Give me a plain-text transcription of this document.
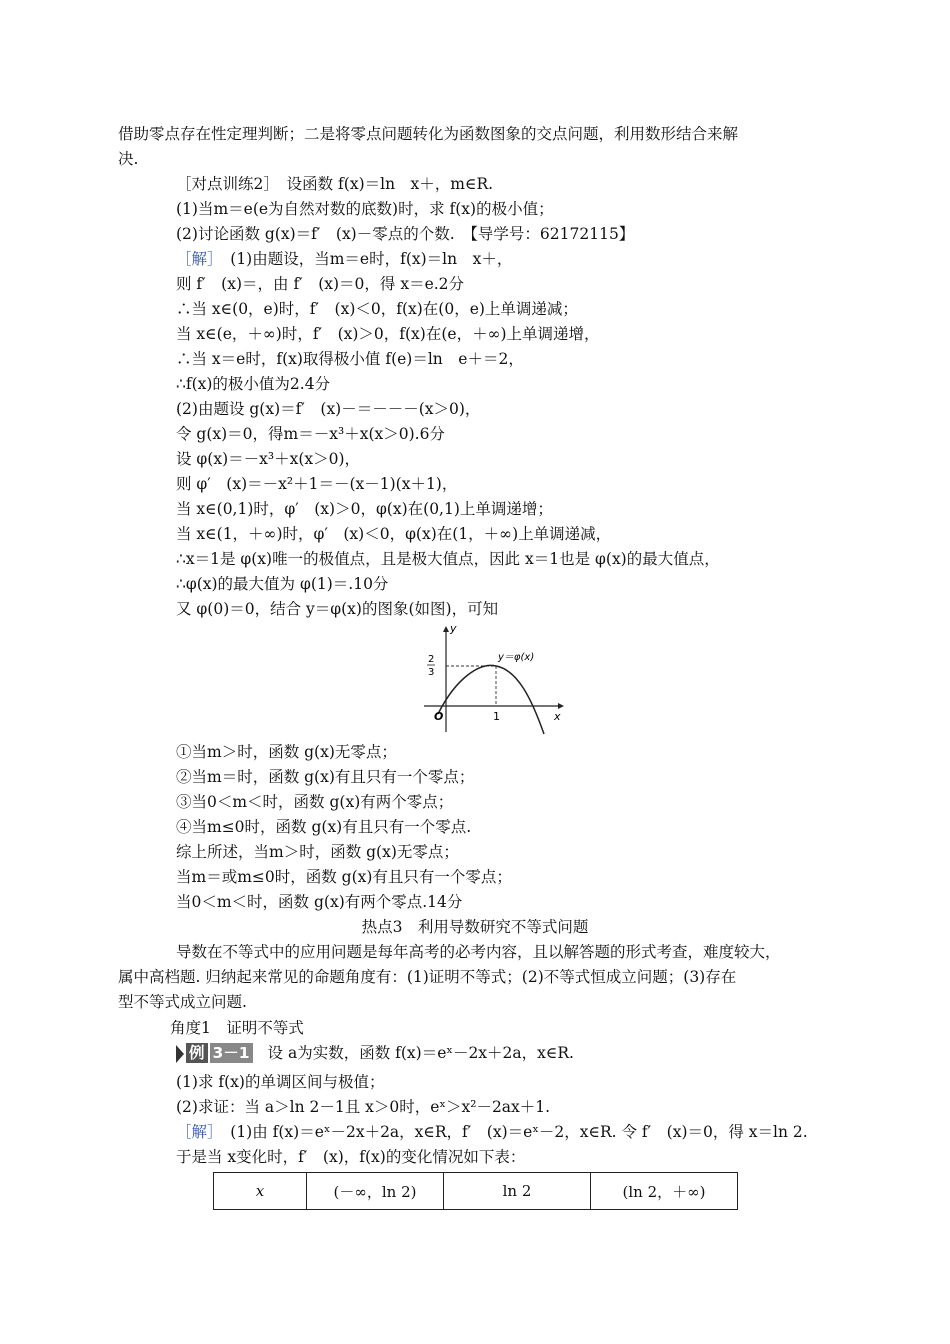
借助零点存在性定理判断；二是将零点问题转化为函数图象的交点问题，利用数形结合来解
决.
［对点训练2］　设函数 f(x)＝ln　x＋，m∈R.
(1)当m＝e(e为自然对数的底数)时，求 f(x)的极小值；
(2)讨论函数 g(x)＝f′　(x)－零点的个数.　【导学号：62172115】
［解］　(1)由题设，当m＝e时，f(x)＝ln　x＋，
则 f′　(x)＝，由 f′　(x)＝0，得 x＝e.2分
∴当 x∈(0，e)时，f′　(x)＜0，f(x)在(0，e)上单调递减；
当 x∈(e，＋∞)时，f′　(x)＞0，f(x)在(e，＋∞)上单调递增，
∴当 x＝e时，f(x)取得极小值 f(e)＝ln　e＋＝2，
∴f(x)的极小值为2.4分
(2)由题设 g(x)＝f′　(x)－＝－－－(x＞0)，
令 g(x)＝0，得m＝－x³＋x(x＞0).6分
设 φ(x)＝－x³＋x(x＞0)，
则 φ′　(x)＝－x²＋1＝－(x－1)(x＋1)，
当 x∈(0,1)时，φ′　(x)＞0，φ(x)在(0,1)上单调递增；
当 x∈(1，＋∞)时，φ′　(x)＜0，φ(x)在(1，＋∞)上单调递减，
∴x＝1是 φ(x)唯一的极值点，且是极大值点，因此 x＝1也是 φ(x)的最大值点，
∴φ(x)的最大值为 φ(1)＝.10分
又 φ(0)＝0，结合 y＝φ(x)的图象(如图)，可知
y
x
O	1
2
3
y＝φ(x)
①当m＞时，函数 g(x)无零点；
②当m＝时，函数 g(x)有且只有一个零点；
③当0＜m＜时，函数 g(x)有两个零点；
④当m≤0时，函数 g(x)有且只有一个零点.
综上所述，当m＞时，函数 g(x)无零点；
当m＝或m≤0时，函数 g(x)有且只有一个零点；
当0＜m＜时，函数 g(x)有两个零点.14分
热点3　利用导数研究不等式问题
导数在不等式中的应用问题是每年高考的必考内容，且以解答题的形式考查，难度较大，
属中高档题. 归纳起来常见的命题角度有：(1)证明不等式；(2)不等式恒成立问题；(3)存在
型不等式成立问题.
角度1　证明不等式
例 3－1 设 a为实数，函数 f(x)＝eˣ－2x＋2a，x∈R.
(1)求 f(x)的单调区间与极值；
(2)求证：当 a＞ln 2－1且 x＞0时，eˣ＞x²－2ax＋1.
［解］　(1)由 f(x)＝eˣ－2x＋2a，x∈R，f′　(x)＝eˣ－2，x∈R. 令 f′　(x)＝0，得 x＝ln 2.
于是当 x变化时，f′　(x)，f(x)的变化情况如下表：
x	(－∞，ln 2)	ln 2	(ln 2，＋∞)
